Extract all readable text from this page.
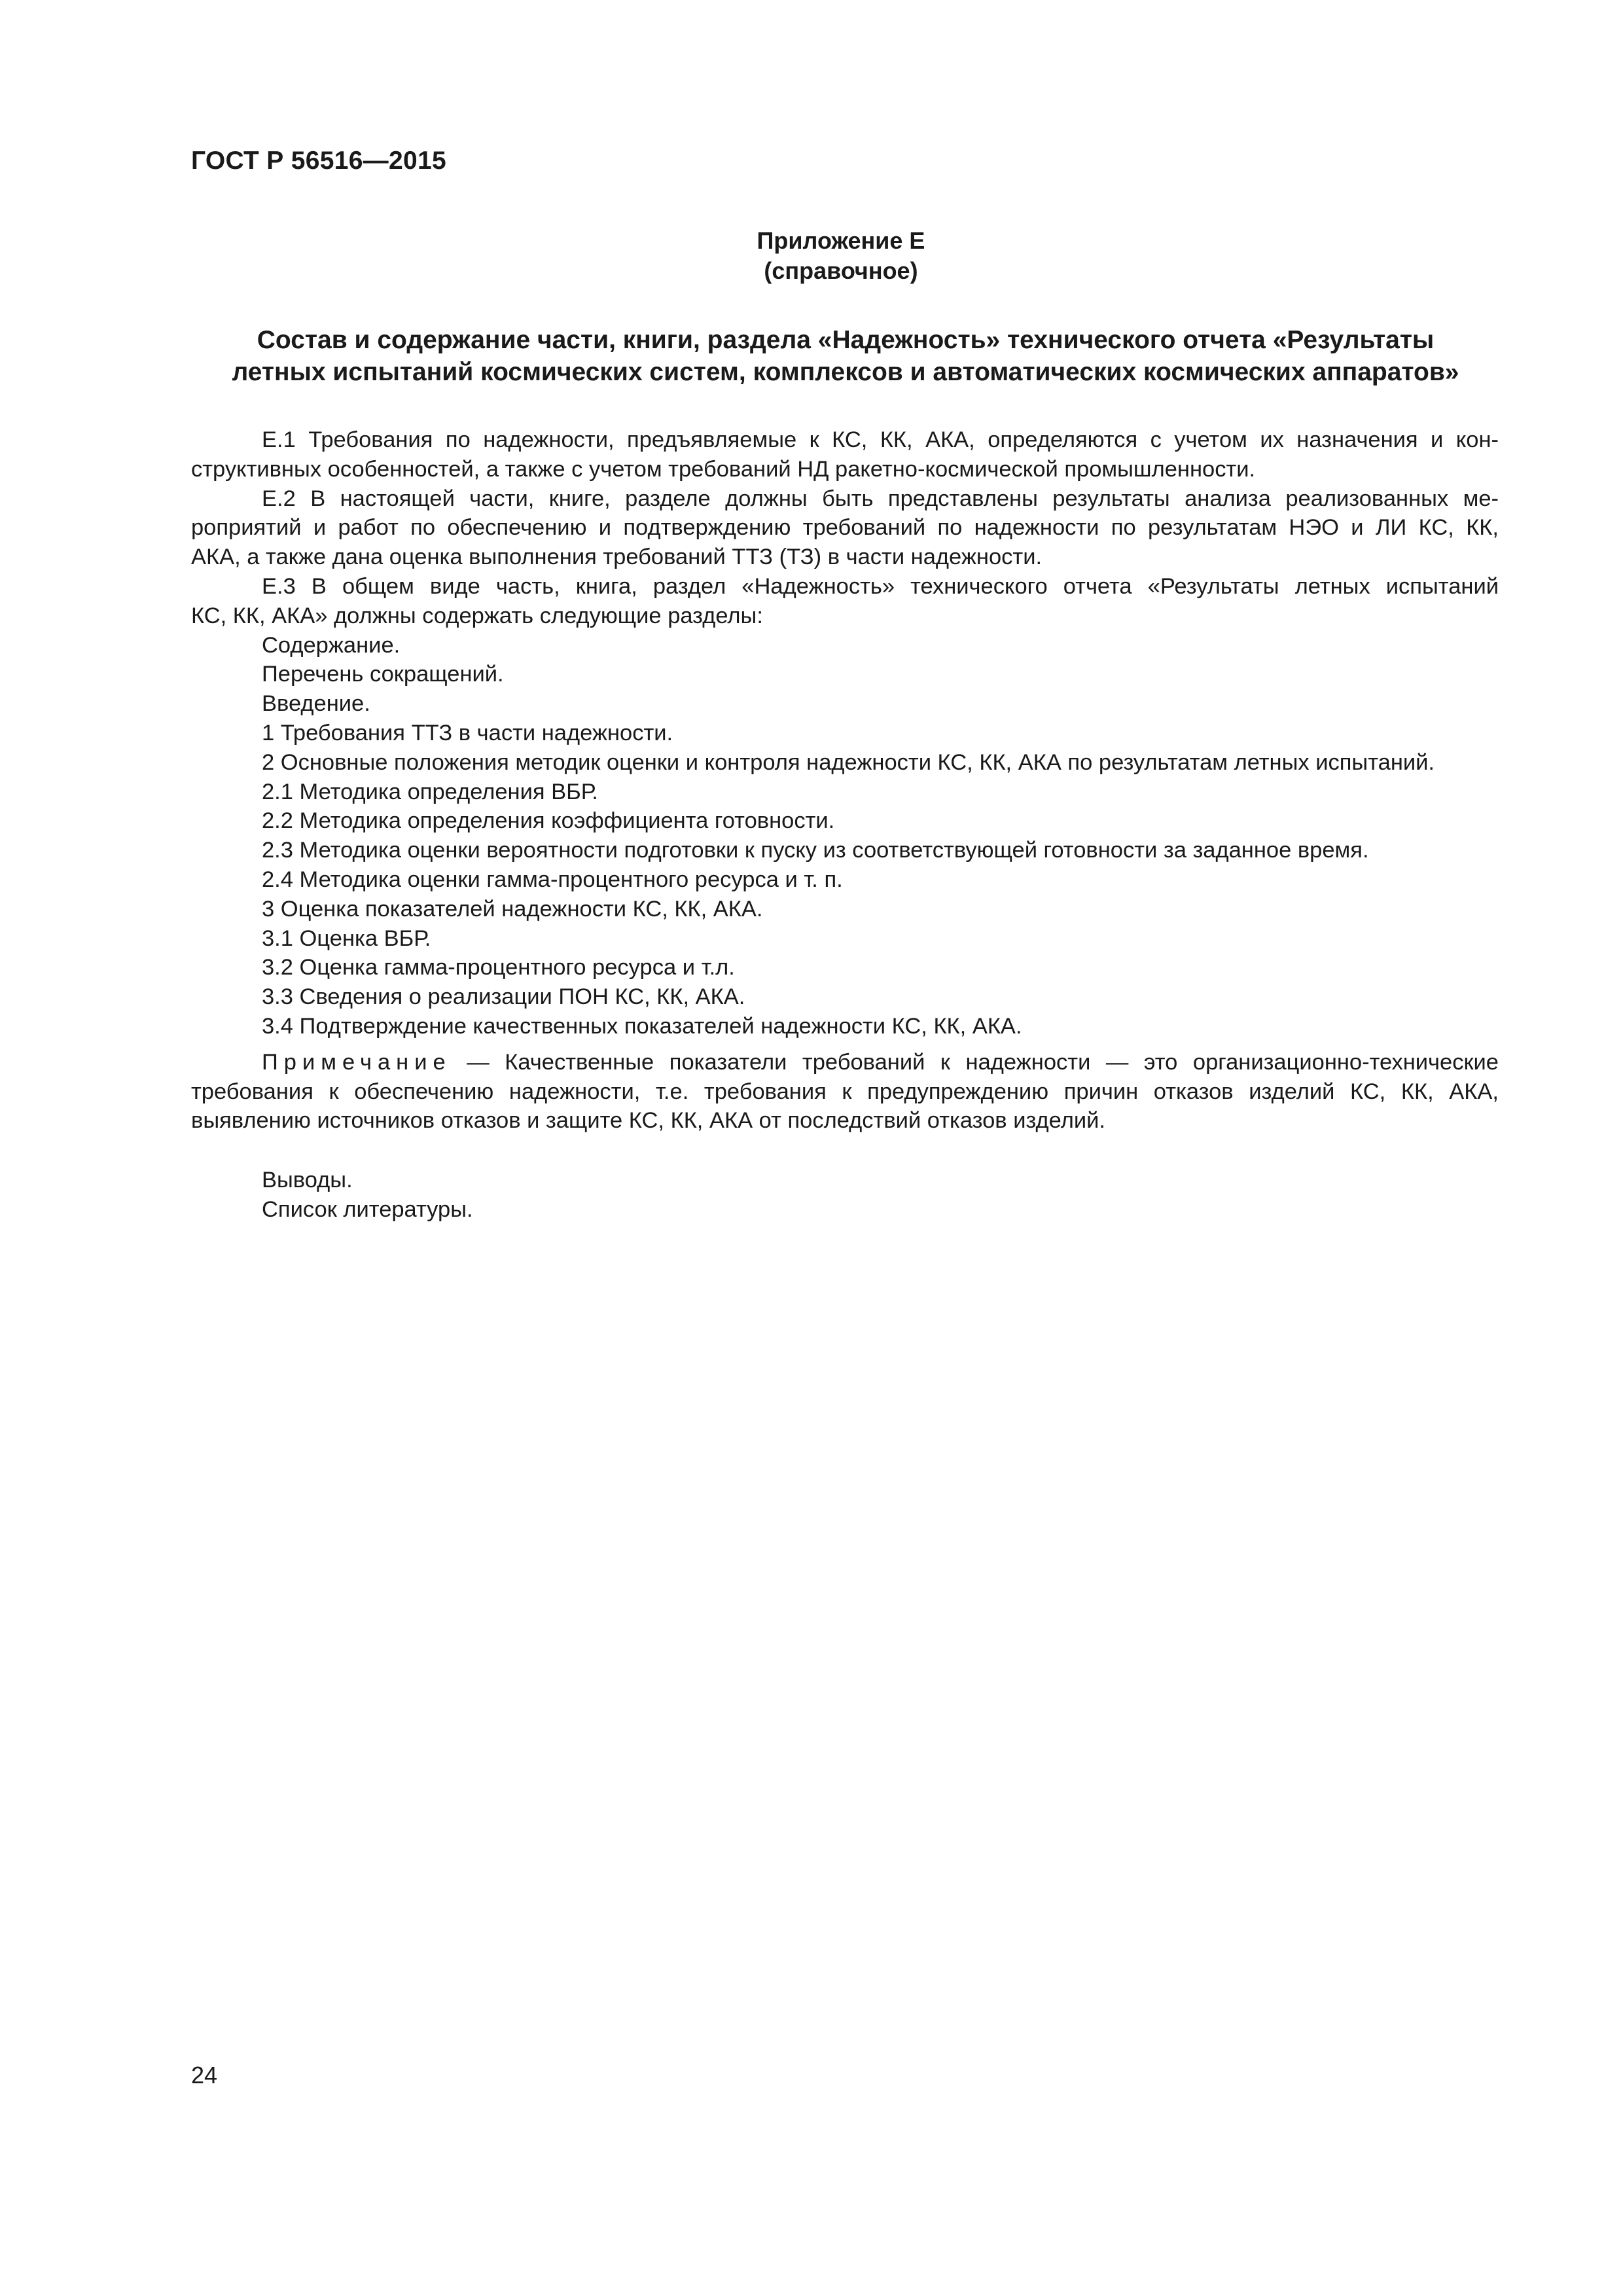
ГОСТ Р 56516—2015
Приложение Е
(справочное)
Состав и содержание части, книги, раздела «Надежность» технического отчета «Результаты
летных испытаний космических систем, комплексов и автоматических космических аппаратов»

Е.1 Требования по надежности, предъявляемые к КС, КК, АКА, определяются с учетом их назначения и кон-

структивных особенностей, а также с учетом требований НД ракетно-космической промышленности.

Е.2 В настоящей части, книге, разделе должны быть представлены результаты анализа реализованных ме-

роприятий и работ по обеспечению и подтверждению требований по надежности по результатам НЭО и ЛИ КС, КК,

АКА, а также дана оценка выполнения требований ТТЗ (ТЗ) в части надежности.

Е.3 В общем виде часть, книга, раздел «Надежность» технического отчета «Результаты летных испытаний

КС, КК, АКА» должны содержать следующие разделы:

Содержание.

Перечень сокращений.

Введение.

1 Требования ТТЗ в части надежности.

2 Основные положения методик оценки и контроля надежности КС, КК, АКА по результатам летных испытаний.

2.1 Методика определения ВБР.

2.2 Методика определения коэффициента готовности.

2.3 Методика оценки вероятности подготовки к пуску из соответствующей готовности за заданное время.

2.4 Методика оценки гамма-процентного ресурса и т. п.

3 Оценка показателей надежности КС, КК, АКА.

3.1 Оценка ВБР.

3.2 Оценка гамма-процентного ресурса и т.л.

3.3 Сведения о реализации ПОН КС, КК, АКА.

3.4 Подтверждение качественных показателей надежности КС, КК, АКА.

Примечание — Качественные показатели требований к надежности — это организационно-технические

требования к обеспечению надежности, т.е. требования к предупреждению причин отказов изделий КС, КК, АКА,

выявлению источников отказов и защите КС, КК, АКА от последствий отказов изделий.

Выводы.

Список литературы.

24
